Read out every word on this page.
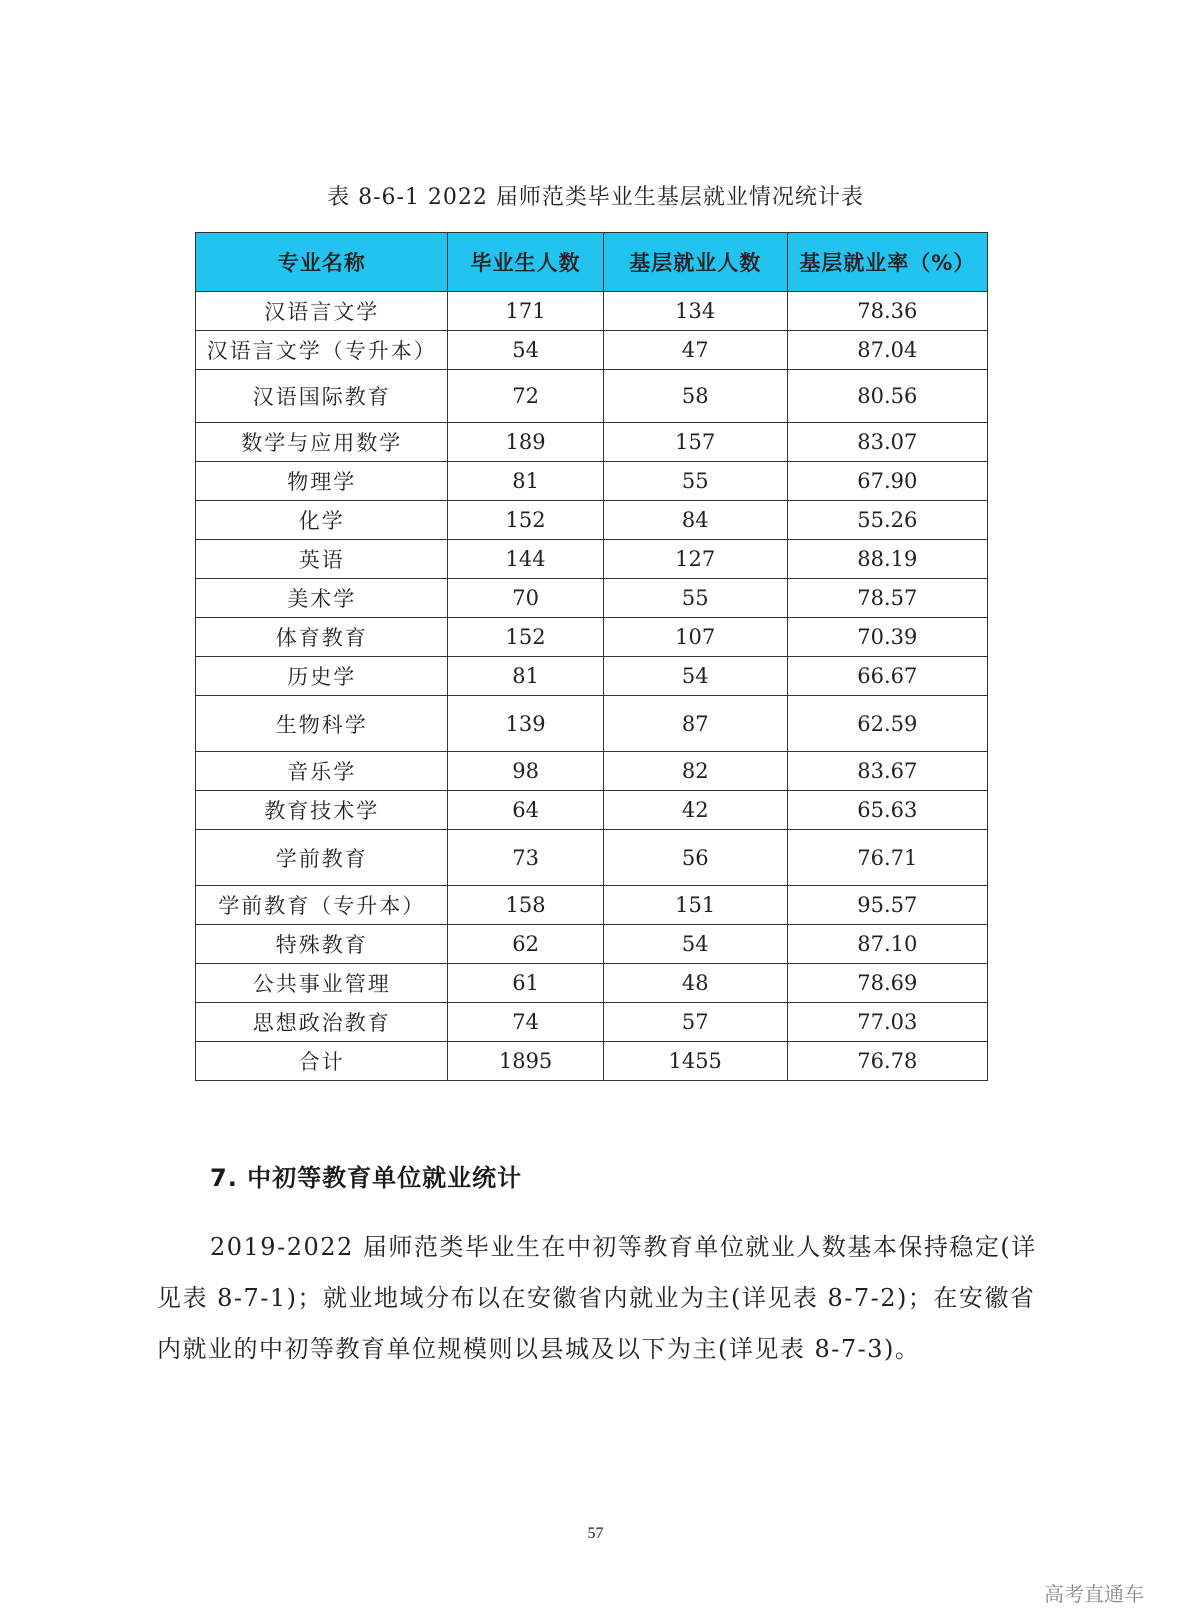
表 8-6-1 2022 届师范类毕业生基层就业情况统计表
专业名称	毕业生人数	基层就业人数	基层就业率（%）
汉语言文学	171	134	78.36
汉语言文学（专升本）	54	47	87.04
汉语国际教育	72	58	80.56
数学与应用数学	189	157	83.07
物理学	81	55	67.90
化学	152	84	55.26
英语	144	127	88.19
美术学	70	55	78.57
体育教育	152	107	70.39
历史学	81	54	66.67
生物科学	139	87	62.59
音乐学	98	82	83.67
教育技术学	64	42	65.63
学前教育	73	56	76.71
学前教育（专升本）	158	151	95.57
特殊教育	62	54	87.10
公共事业管理	61	48	78.69
思想政治教育	74	57	77.03
合计	1895	1455	76.78
7. 中初等教育单位就业统计
2019-2022 届师范类毕业生在中初等教育单位就业人数基本保持稳定(详见表 8-7-1)；就业地域分布以在安徽省内就业为主(详见表 8-7-2)；在安徽省内就业的中初等教育单位规模则以县城及以下为主(详见表 8-7-3)。
57
高考直通车
